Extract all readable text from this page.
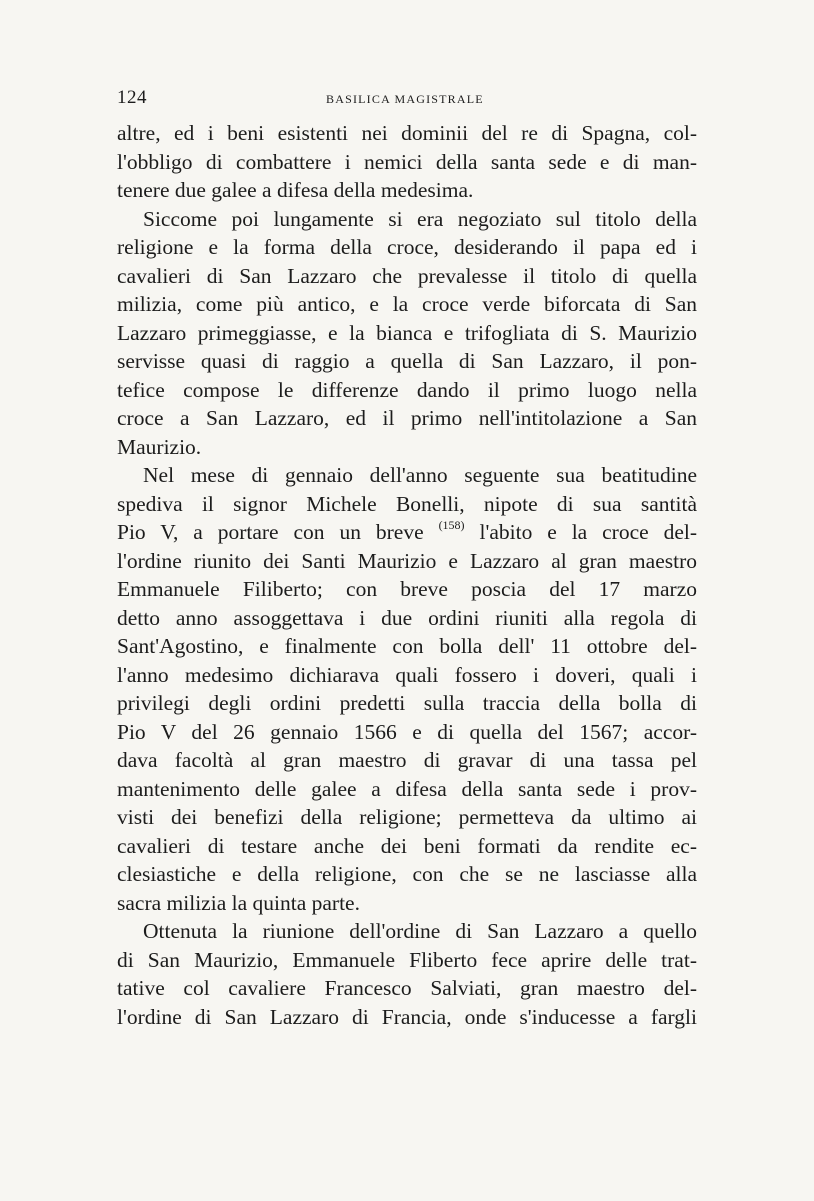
124	BASILICA MAGISTRALE
altre, ed i beni esistenti nei dominii del re di Spagna, col-
l'obbligo di combattere i nemici della santa sede e di man-
tenere due galee a difesa della medesima.
Siccome poi lungamente si era negoziato sul titolo della
religione e la forma della croce, desiderando il papa ed i
cavalieri di San Lazzaro che prevalesse il titolo di quella
milizia, come più antico, e la croce verde biforcata di San
Lazzaro primeggiasse, e la bianca e trifogliata di S. Maurizio
servisse quasi di raggio a quella di San Lazzaro, il pon-
tefice compose le differenze dando il primo luogo nella
croce a San Lazzaro, ed il primo nell'intitolazione a San
Maurizio.
Nel mese di gennaio dell'anno seguente sua beatitudine
spediva il signor Michele Bonelli, nipote di sua santità
Pio V, a portare con un breve $^{(158)}$ l'abito e la croce del-
l'ordine riunito dei Santi Maurizio e Lazzaro al gran maestro
Emmanuele Filiberto; con breve poscia del 17 marzo
detto anno assoggettava i due ordini riuniti alla regola di
Sant'Agostino, e finalmente con bolla dell' 11 ottobre del-
l'anno medesimo dichiarava quali fossero i doveri, quali i
privilegi degli ordini predetti sulla traccia della bolla di
Pio V del 26 gennaio 1566 e di quella del 1567; accor-
dava facoltà al gran maestro di gravar di una tassa pel
mantenimento delle galee a difesa della santa sede i prov-
visti dei benefizi della religione; permetteva da ultimo ai
cavalieri di testare anche dei beni formati da rendite ec-
clesiastiche e della religione, con che se ne lasciasse alla
sacra milizia la quinta parte.
Ottenuta la riunione dell'ordine di San Lazzaro a quello
di San Maurizio, Emmanuele Fliberto fece aprire delle trat-
tative col cavaliere Francesco Salviati, gran maestro del-
l'ordine di San Lazzaro di Francia, onde s'inducesse a fargli
